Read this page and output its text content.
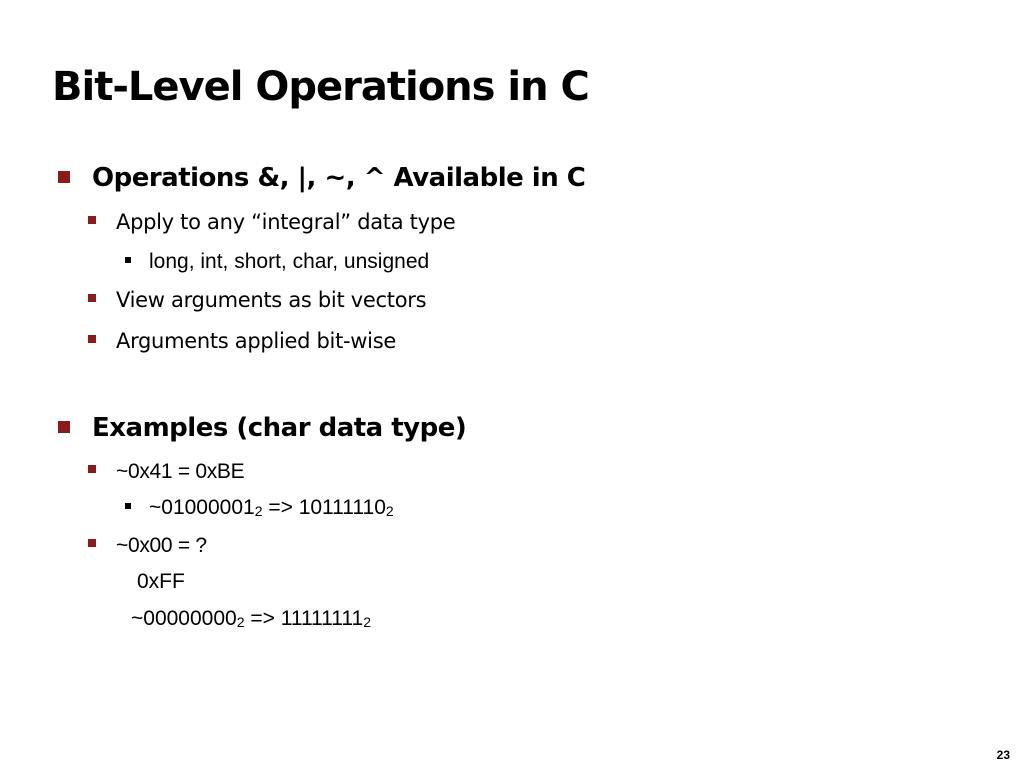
Bit-Level Operations in C
Operations &, |, ~, ^ Available in C
Apply to any “integral” data type
long, int, short, char, unsigned
View arguments as bit vectors
Arguments applied bit-wise
Examples (char data type)
~0x41 = 0xBE
~010000012 => 101111102
~0x00 = ?
0xFF
~000000002 => 111111112
23
